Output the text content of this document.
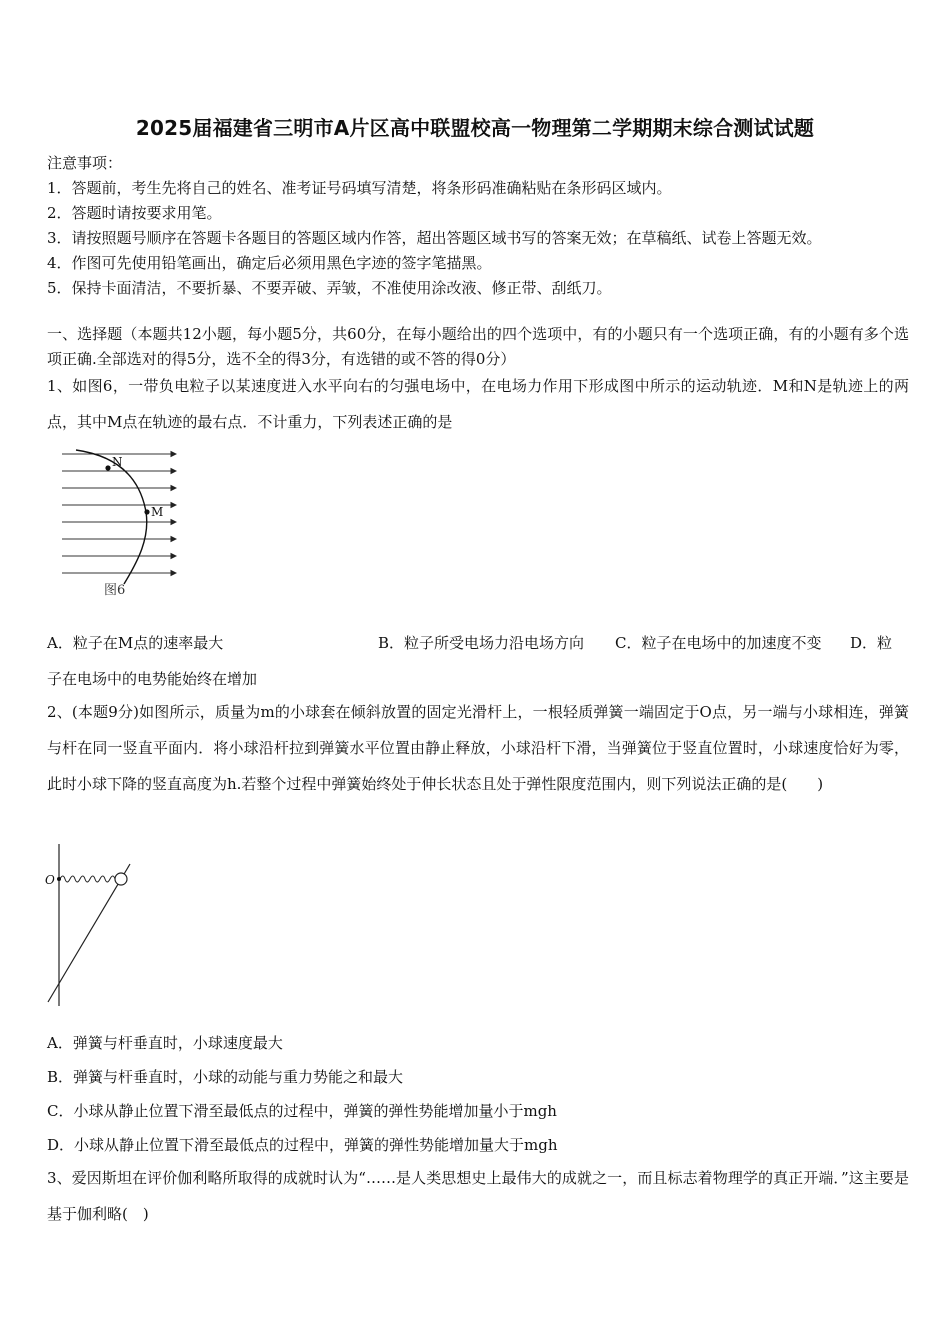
2025届福建省三明市A片区高中联盟校高一物理第二学期期末综合测试试题
注意事项：
1．答题前，考生先将自己的姓名、准考证号码填写清楚，将条形码准确粘贴在条形码区域内。
2．答题时请按要求用笔。
3．请按照题号顺序在答题卡各题目的答题区域内作答，超出答题区域书写的答案无效；在草稿纸、试卷上答题无效。
4．作图可先使用铅笔画出，确定后必须用黑色字迹的签字笔描黑。
5．保持卡面清洁，不要折暴、不要弄破、弄皱，不准使用涂改液、修正带、刮纸刀。
一、选择题（本题共12小题，每小题5分，共60分，在每小题给出的四个选项中，有的小题只有一个选项正确，有的小题有多个选项正确.全部选对的得5分，选不全的得3分，有选错的或不答的得0分）
1、如图6，一带负电粒子以某速度进入水平向右的匀强电场中，在电场力作用下形成图中所示的运动轨迹．M和N是轨迹上的两点，其中M点在轨迹的最右点．不计重力，下列表述正确的是
N
M
图6
A．粒子在M点的速率最大	B．粒子所受电场力沿电场方向 C．粒子在电场中的加速度不变 D．粒
子在电场中的电势能始终在增加
2、(本题9分)如图所示，质量为m的小球套在倾斜放置的固定光滑杆上，一根轻质弹簧一端固定于O点，另一端与小球相连，弹簧与杆在同一竖直平面内．将小球沿杆拉到弹簧水平位置由静止释放，小球沿杆下滑，当弹簧位于竖直位置时，小球速度恰好为零，此时小球下降的竖直高度为h.若整个过程中弹簧始终处于伸长状态且处于弹性限度范围内，则下列说法正确的是(　　)
O
A．弹簧与杆垂直时，小球速度最大
B．弹簧与杆垂直时，小球的动能与重力势能之和最大
C．小球从静止位置下滑至最低点的过程中，弹簧的弹性势能增加量小于mgh
D．小球从静止位置下滑至最低点的过程中，弹簧的弹性势能增加量大于mgh
3、爱因斯坦在评价伽利略所取得的成就时认为“……是人类思想史上最伟大的成就之一，而且标志着物理学的真正开端．”这主要是基于伽利略(　)
